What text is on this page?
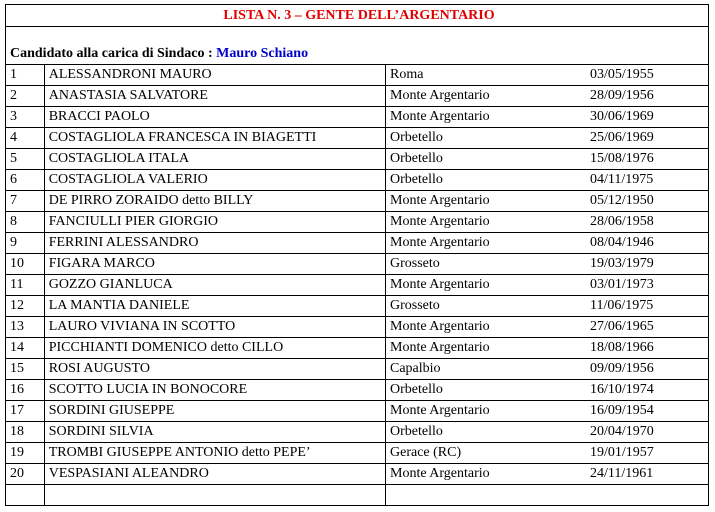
LISTA N. 3 – GENTE DELL’ARGENTARIO		
Candidato alla carica di Sindaco : Mauro Schiano		
1	ALESSANDRONI MAURO	Roma 03/05/1955
2	ANASTASIA SALVATORE	Monte Argentario 28/09/1956
3	BRACCI PAOLO	Monte Argentario 30/06/1969
4	COSTAGLIOLA FRANCESCA IN BIAGETTI	Orbetello 25/06/1969
5	COSTAGLIOLA ITALA	Orbetello 15/08/1976
6	COSTAGLIOLA VALERIO	Orbetello 04/11/1975
7	DE PIRRO ZORAIDO detto BILLY	Monte Argentario 05/12/1950
8	FANCIULLI PIER GIORGIO	Monte Argentario 28/06/1958
9	FERRINI ALESSANDRO	Monte Argentario 08/04/1946
10	FIGARA MARCO	Grosseto 19/03/1979
11	GOZZO GIANLUCA	Monte Argentario 03/01/1973
12	LA MANTIA DANIELE	Grosseto 11/06/1975
13	LAURO VIVIANA IN SCOTTO	Monte Argentario 27/06/1965
14	PICCHIANTI DOMENICO detto CILLO	Monte Argentario 18/08/1966
15	ROSI AUGUSTO	Capalbio 09/09/1956
16	SCOTTO LUCIA IN BONOCORE	Orbetello 16/10/1974
17	SORDINI GIUSEPPE	Monte Argentario 16/09/1954
18	SORDINI SILVIA	Orbetello 20/04/1970
19	TROMBI GIUSEPPE ANTONIO detto PEPE’	Gerace (RC) 19/01/1957
20	VESPASIANI ALEANDRO	Monte Argentario 24/11/1961
